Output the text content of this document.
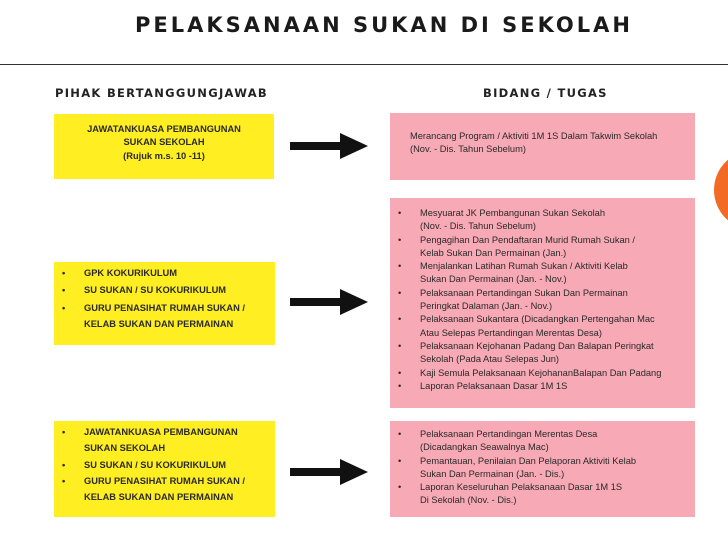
PELAKSANAAN SUKAN DI SEKOLAH
PIHAK BERTANGGUNGJAWAB	BIDANG / TUGAS
JAWATANKUASA PEMBANGUNAN
SUKAN SEKOLAH
(Rujuk m.s. 10 -11)
Merancang Program / Aktiviti 1M 1S Dalam Takwim Sekolah
(Nov. - Dis. Tahun Sebelum)
• GPK KOKURIKULUM
• SU SUKAN / SU KOKURIKULUM
• GURU PENASIHAT RUMAH SUKAN /
KELAB SUKAN DAN PERMAINAN
• Mesyuarat JK Pembangunan Sukan Sekolah
(Nov. - Dis. Tahun Sebelum)
• Pengagihan Dan Pendaftaran Murid Rumah Sukan /
Kelab Sukan Dan Permainan (Jan.)
• Menjalankan Latihan Rumah Sukan / Aktiviti Kelab
Sukan Dan Permainan (Jan. - Nov.)
• Pelaksanaan Pertandingan Sukan Dan Permainan
Peringkat Dalaman (Jan. - Nov.)
• Pelaksanaan Sukantara (Dicadangkan Pertengahan Mac
Atau Selepas Pertandingan Merentas Desa)
• Pelaksanaan Kejohanan Padang Dan Balapan Peringkat
Sekolah (Pada Atau Selepas Jun)
• Kaji Semula Pelaksanaan KejohananBalapan Dan Padang
• Laporan Pelaksanaan Dasar 1M 1S
• JAWATANKUASA PEMBANGUNAN
SUKAN SEKOLAH
• SU SUKAN / SU KOKURIKULUM
• GURU PENASIHAT RUMAH SUKAN /
KELAB SUKAN DAN PERMAINAN
• Pelaksanaan Pertandingan Merentas Desa
(Dicadangkan Seawalnya Mac)
• Pemantauan, Penilaian Dan Pelaporan Aktiviti Kelab
Sukan Dan Permainan (Jan. - Dis.)
• Laporan Keseluruhan Pelaksanaan Dasar 1M 1S
Di Sekolah (Nov. - Dis.)
